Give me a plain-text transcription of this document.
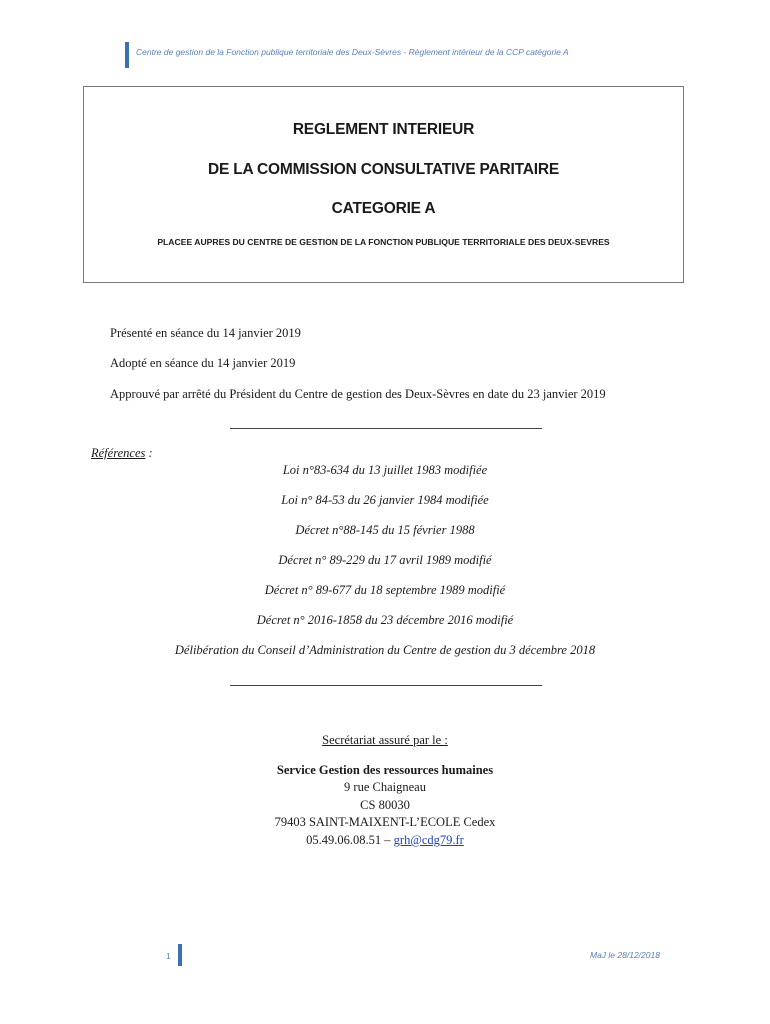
Centre de gestion de la Fonction publique territoriale des Deux-Sèvres - Règlement intérieur de la CCP catégorie A
REGLEMENT INTERIEUR
DE LA COMMISSION CONSULTATIVE PARITAIRE
CATEGORIE A
PLACEE AUPRES DU CENTRE DE GESTION DE LA FONCTION PUBLIQUE TERRITORIALE DES DEUX-SEVRES
Présenté en séance du 14 janvier 2019
Adopté en séance du 14 janvier 2019
Approuvé par arrêté du Président du Centre de gestion des Deux-Sèvres en date du 23 janvier 2019
Références :
Loi n°83-634 du 13 juillet 1983 modifiée
Loi n° 84-53 du 26 janvier 1984 modifiée
Décret n°88-145 du 15 février 1988
Décret n° 89-229 du 17 avril 1989 modifié
Décret n° 89-677 du 18 septembre 1989 modifié
Décret n° 2016-1858 du 23 décembre 2016 modifié
Délibération du Conseil d’Administration du Centre de gestion du 3 décembre 2018
Secrétariat assuré par le :
Service Gestion des ressources humaines
9 rue Chaigneau
CS 80030
79403 SAINT-MAIXENT-L’ECOLE Cedex
05.49.06.08.51 – grh@cdg79.fr
1	MaJ le 28/12/2018
